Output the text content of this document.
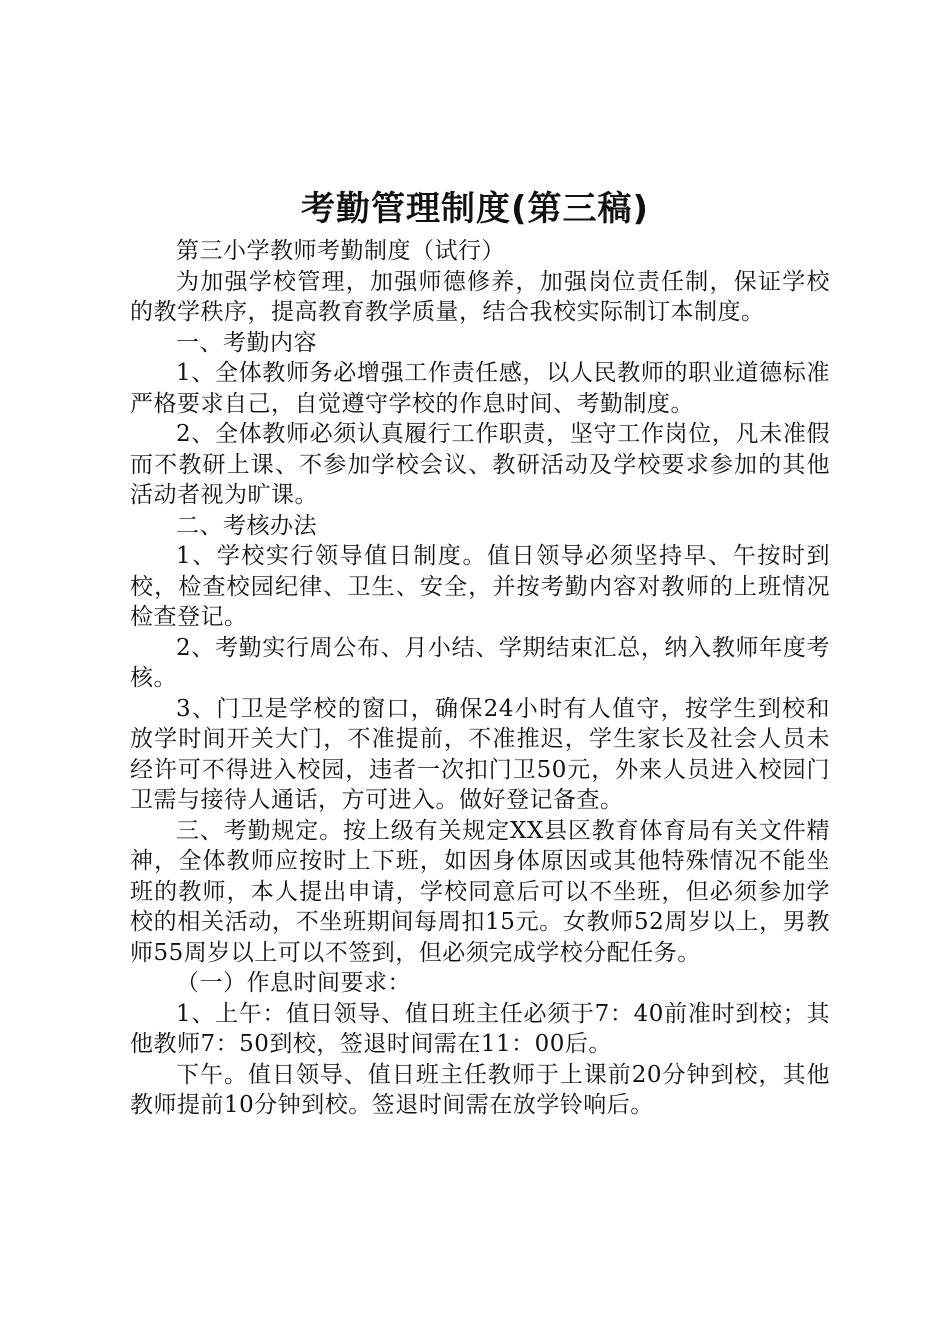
考勤管理制度(第三稿)

第三小学教师考勤制度（试行）

为加强学校管理，加强师德修养，加强岗位责任制，保证学校的教学秩序，提高教育教学质量，结合我校实际制订本制度。

一、考勤内容

1、全体教师务必增强工作责任感，以人民教师的职业道德标准严格要求自己，自觉遵守学校的作息时间、考勤制度。

2、全体教师必须认真履行工作职责，坚守工作岗位，凡未准假而不教研上课、不参加学校会议、教研活动及学校要求参加的其他活动者视为旷课。

二、考核办法

1、学校实行领导值日制度。值日领导必须坚持早、午按时到校，检查校园纪律、卫生、安全，并按考勤内容对教师的上班情况检查登记。

2、考勤实行周公布、月小结、学期结束汇总，纳入教师年度考核。

3、门卫是学校的窗口，确保24小时有人值守，按学生到校和放学时间开关大门，不准提前，不准推迟，学生家长及社会人员未经许可不得进入校园，违者一次扣门卫50元，外来人员进入校园门卫需与接待人通话，方可进入。做好登记备查。

三、考勤规定。按上级有关规定XX县区教育体育局有关文件精神，全体教师应按时上下班，如因身体原因或其他特殊情况不能坐班的教师，本人提出申请，学校同意后可以不坐班，但必须参加学校的相关活动，不坐班期间每周扣15元。女教师52周岁以上，男教师55周岁以上可以不签到，但必须完成学校分配任务。

（一）作息时间要求：

1、上午：值日领导、值日班主任必须于7：40前准时到校；其他教师7：50到校，签退时间需在11：00后。

下午。值日领导、值日班主任教师于上课前20分钟到校，其他教师提前10分钟到校。签退时间需在放学铃响后。
